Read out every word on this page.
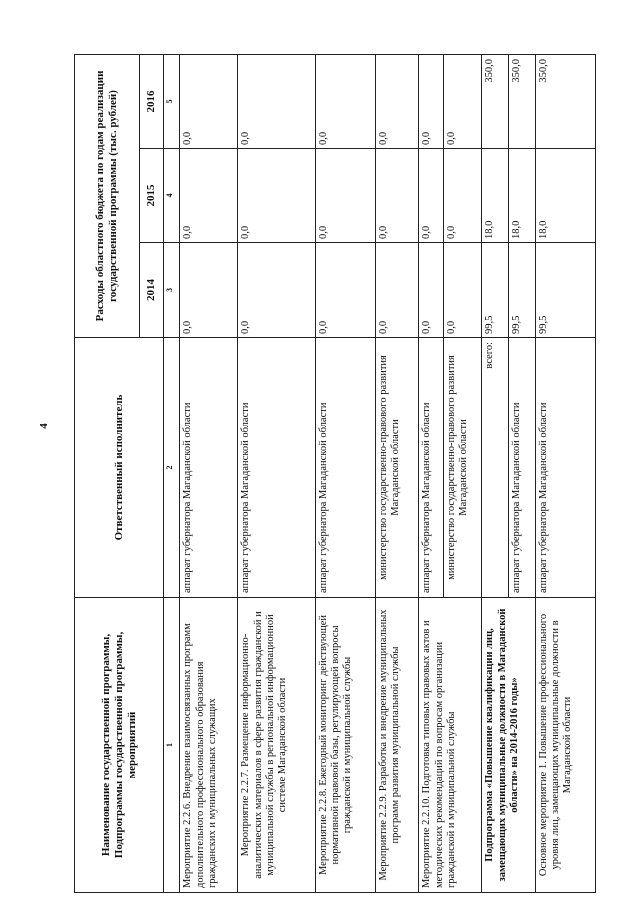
4
Наименование государственной программы, Подпрограммы государственной программы, мероприятий	Ответственный исполнитель	Расходы областного бюджета по годам реализации государственной программы (тыс. рублей)		
		2014	2015	2016
1	2	3	4	5
Мероприятие 2.2.6. Внедрение взаимосвязанных программ дополнительного профессионального образования гражданских и муниципальных служащих	аппарат губернатора Магаданской области	0,0	0,0	0,0
Мероприятие 2.2.7. Размещение информационно-аналитических материалов в сфере развития гражданской и муниципальной службы в региональной информационной системе Магаданской области	аппарат губернатора Магаданской области	0,0	0,0	0,0
Мероприятие 2.2.8. Ежегодный мониторинг действующей нормативной правовой базы, регулирующей вопросы гражданской и муниципальной службы	аппарат губернатора Магаданской области	0,0	0,0	0,0
Мероприятие 2.2.9. Разработка и внедрение муниципальных программ развития муниципальной службы	министерство государственно-правового развития Магаданской области	0,0	0,0	0,0
Мероприятие 2.2.10. Подготовка типовых правовых актов и методических рекомендаций по вопросам организации гражданской и муниципальной службы	аппарат губернатора Магаданской области	0,0	0,0	0,0
	министерство государственно-правового развития Магаданской области	0,0	0,0	0,0
Подпрограмма «Повышение квалификации лиц, замещающих муниципальные должности в Магаданской области» на 2014-2016 годы»	всего:	99,5	18,0	350,0
	аппарат губернатора Магаданской области	99,5	18,0	350,0
Основное мероприятие 1. Повышение профессионального уровня лиц, замещающих муниципальные должности в Магаданской области	аппарат губернатора Магаданской области	99,5	18,0	350,0
